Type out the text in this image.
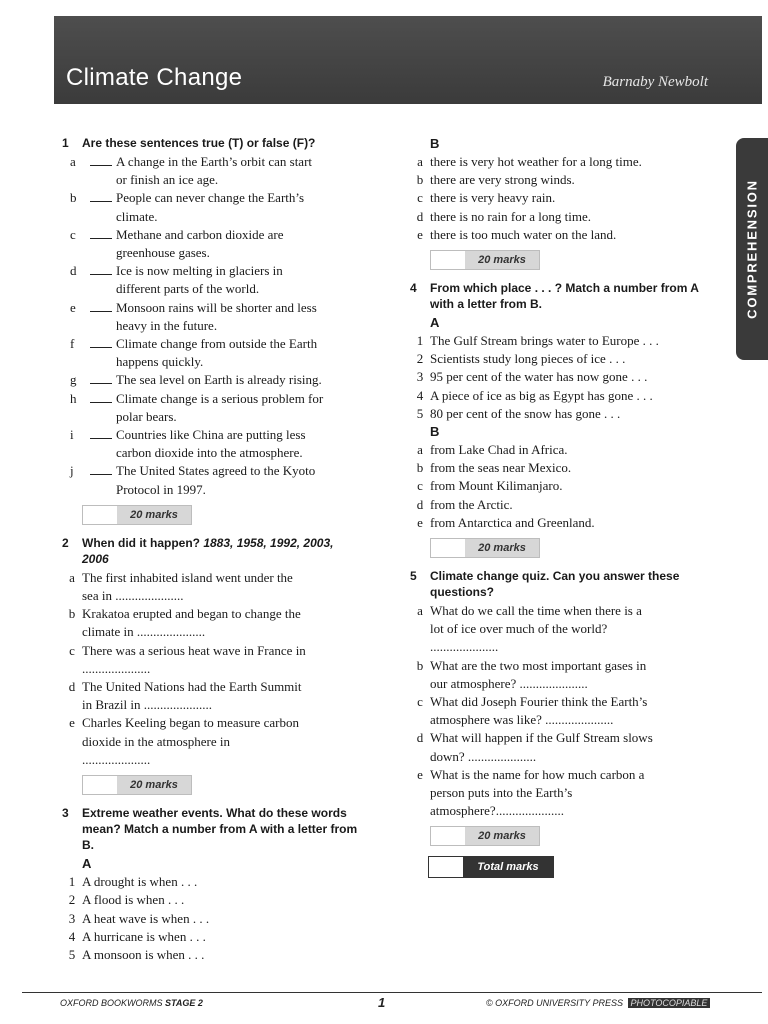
Climate Change	Barnaby Newbolt
COMPREHENSION
1 Are these sentences true (T) or false (F)?
a	A change in the Earth’s orbit can start
or finish an ice age.
b	People can never change the Earth’s
climate.
c	Methane and carbon dioxide are
greenhouse gases.
d	Ice is now melting in glaciers in
different parts of the world.
e	Monsoon rains will be shorter and less
heavy in the future.
f	Climate change from outside the Earth
happens quickly.
g	The sea level on Earth is already rising.
h	Climate change is a serious problem for
polar bears.
i	Countries like China are putting less
carbon dioxide into the atmosphere.
j	The United States agreed to the Kyoto
Protocol in 1997.
20 marks
2 When did it happen? 1883, 1958, 1992, 2003, 2006
a The first inhabited island went under the
sea in .....................
b Krakatoa erupted and began to change the
climate in .....................
c There was a serious heat wave in France in
.....................
d The United Nations had the Earth Summit
in Brazil in .....................
e Charles Keeling began to measure carbon
dioxide in the atmosphere in
.....................
20 marks
3 Extreme weather events. What do these words mean? Match a number from A with a letter from B.
A
1 A drought is when . . .
2 A flood is when . . .
3 A heat wave is when . . .
4 A hurricane is when . . .
5 A monsoon is when . . .
B
a there is very hot weather for a long time.
b there are very strong winds.
c there is very heavy rain.
d there is no rain for a long time.
e there is too much water on the land.
20 marks
4 From which place . . . ? Match a number from A with a letter from B.
A
1 The Gulf Stream brings water to Europe . . .
2 Scientists study long pieces of ice . . .
3 95 per cent of the water has now gone . . .
4 A piece of ice as big as Egypt has gone . . .
5 80 per cent of the snow has gone . . .
B
a from Lake Chad in Africa.
b from the seas near Mexico.
c from Mount Kilimanjaro.
d from the Arctic.
e from Antarctica and Greenland.
20 marks
5 Climate change quiz. Can you answer these questions?
a What do we call the time when there is a
lot of ice over much of the world?
.....................
b What are the two most important gases in
our atmosphere? .....................
c What did Joseph Fourier think the Earth’s
atmosphere was like? .....................
d What will happen if the Gulf Stream slows
down? .....................
e What is the name for how much carbon a
person puts into the Earth’s
atmosphere?.....................
20 marks
Total marks
OXFORD BOOKWORMS STAGE 2	1	© OXFORD UNIVERSITY PRESS PHOTOCOPIABLE
